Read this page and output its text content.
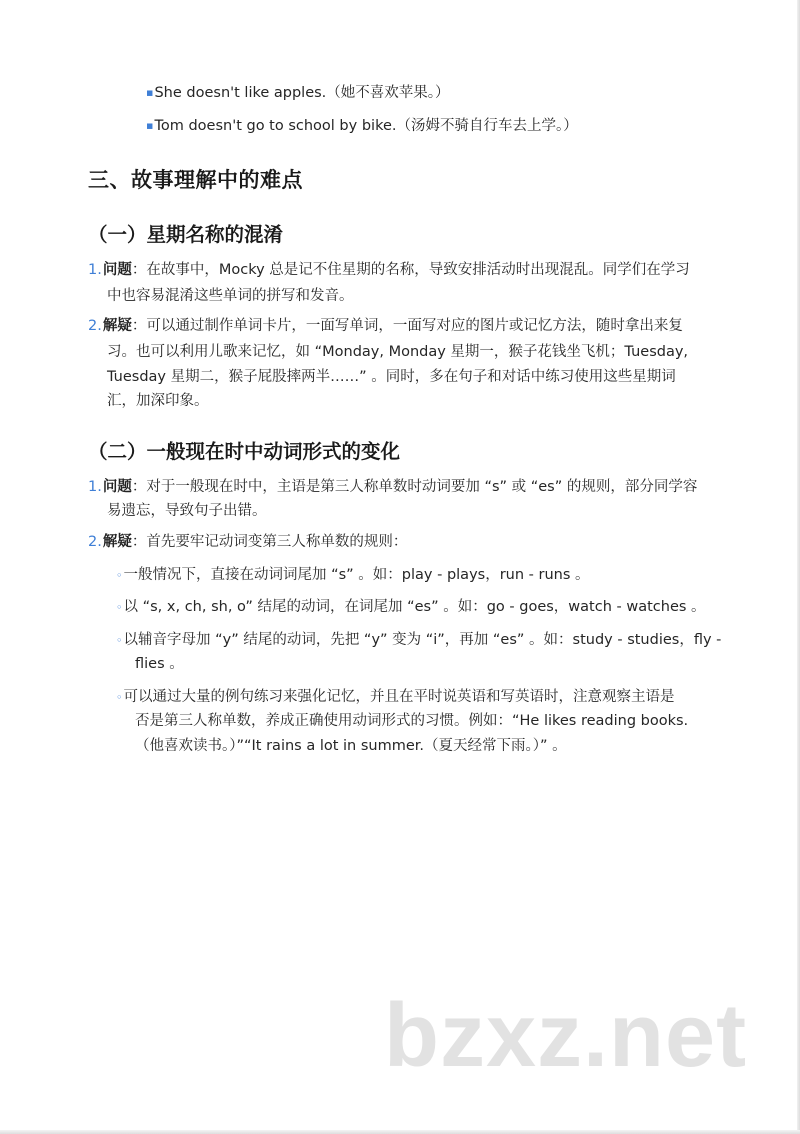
▪She doesn't like apples.（她不喜欢苹果。）
▪Tom doesn't go to school by bike.（汤姆不骑自行车去上学。）
三、故事理解中的难点
（一）星期名称的混淆
1.问题：在故事中，Mocky 总是记不住星期的名称，导致安排活动时出现混乱。同学们在学习
中也容易混淆这些单词的拼写和发音。
2.解疑：可以通过制作单词卡片，一面写单词，一面写对应的图片或记忆方法，随时拿出来复
习。也可以利用儿歌来记忆，如 “Monday, Monday 星期一，猴子花钱坐飞机；Tuesday,
Tuesday 星期二，猴子屁股摔两半……” 。同时，多在句子和对话中练习使用这些星期词
汇，加深印象。
（二）一般现在时中动词形式的变化
1.问题：对于一般现在时中，主语是第三人称单数时动词要加 “s” 或 “es” 的规则，部分同学容
易遗忘，导致句子出错。
2.解疑：首先要牢记动词变第三人称单数的规则：
◦一般情况下，直接在动词词尾加 “s” 。如：play - plays，run - runs 。
◦以 “s, x, ch, sh, o” 结尾的动词，在词尾加 “es” 。如：go - goes，watch - watches 。
◦以辅音字母加 “y” 结尾的动词，先把 “y” 变为 “i”，再加 “es” 。如：study - studies，fly -
flies 。
◦可以通过大量的例句练习来强化记忆，并且在平时说英语和写英语时，注意观察主语是
否是第三人称单数，养成正确使用动词形式的习惯。例如：“He likes reading books.
（他喜欢读书。）”“It rains a lot in summer.（夏天经常下雨。）” 。
bzxz.net
